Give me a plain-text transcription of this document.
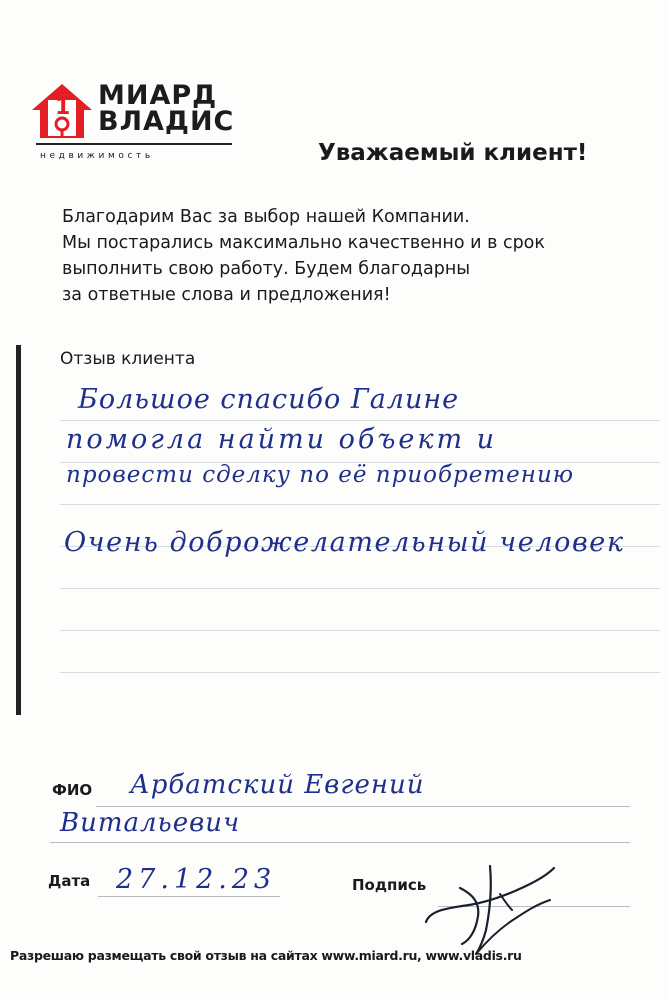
1 МИАРД
ВЛАДИС
недвижимость	Уважаемый клиент!
Благодарим Вас за выбор нашей Компании.
Мы постарались максимально качественно и в срок
выполнить свою работу. Будем благодарны
за ответные слова и предложения!
Отзыв клиента
Большое спасибо Галине
помогла найти объект и
провести сделку по её приобретению
Очень доброжелательный человек
ФИО Арбатский Евгений
Витальевич
Дата 27.12.23	Подпись
Разрешаю размещать свой отзыв на сайтах www.miard.ru, www.vladis.ru
